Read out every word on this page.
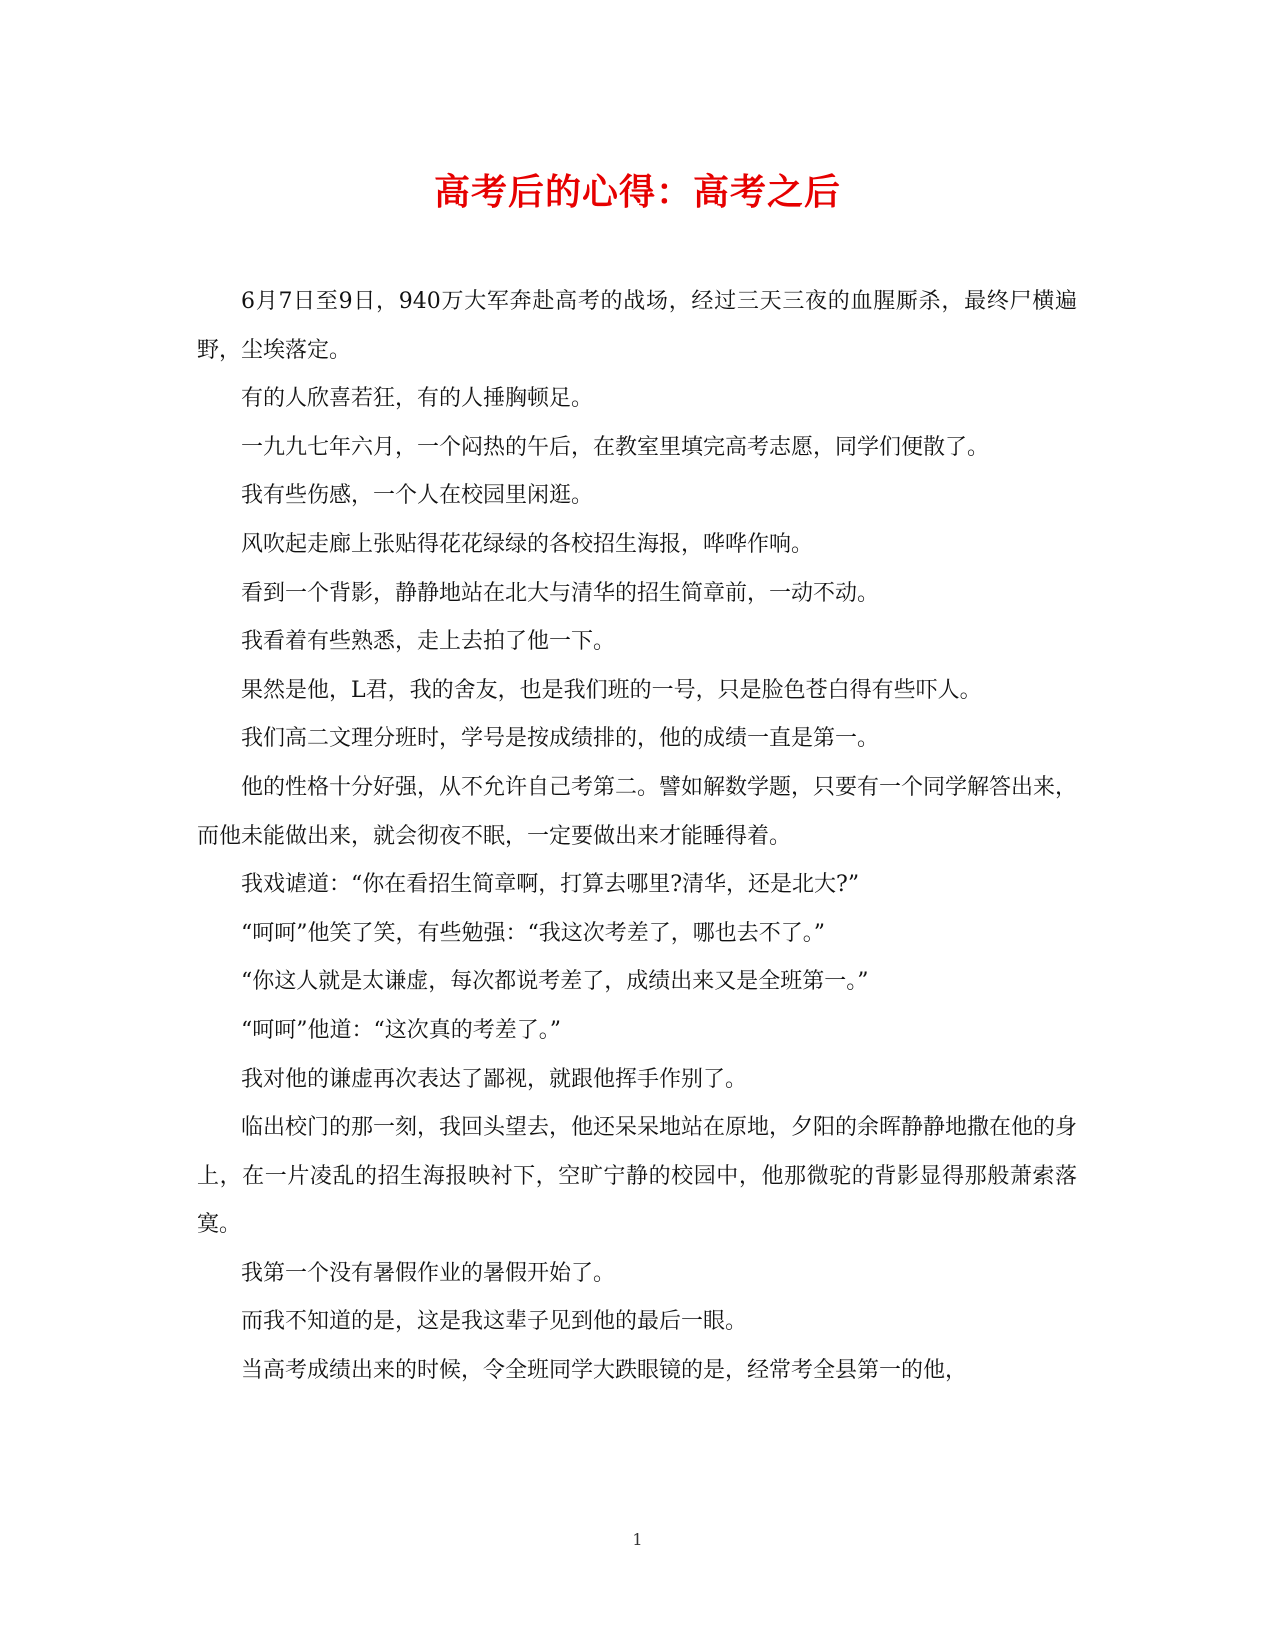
高考后的心得：高考之后

6月7日至9日，940万大军奔赴高考的战场，经过三天三夜的血腥厮杀，最终尸横遍野，尘埃落定。

有的人欣喜若狂，有的人捶胸顿足。

一九九七年六月，一个闷热的午后，在教室里填完高考志愿，同学们便散了。

我有些伤感，一个人在校园里闲逛。

风吹起走廊上张贴得花花绿绿的各校招生海报，哗哗作响。

看到一个背影，静静地站在北大与清华的招生简章前，一动不动。

我看着有些熟悉，走上去拍了他一下。

果然是他，L君，我的舍友，也是我们班的一号，只是脸色苍白得有些吓人。

我们高二文理分班时，学号是按成绩排的，他的成绩一直是第一。

他的性格十分好强，从不允许自己考第二。譬如解数学题，只要有一个同学解答出来，而他未能做出来，就会彻夜不眠，一定要做出来才能睡得着。

我戏谑道：“你在看招生简章啊，打算去哪里?清华，还是北大?”

“呵呵”他笑了笑，有些勉强：“我这次考差了，哪也去不了。”

“你这人就是太谦虚，每次都说考差了，成绩出来又是全班第一。”

“呵呵”他道：“这次真的考差了。”

我对他的谦虚再次表达了鄙视，就跟他挥手作别了。

临出校门的那一刻，我回头望去，他还呆呆地站在原地，夕阳的余晖静静地撒在他的身上，在一片凌乱的招生海报映衬下，空旷宁静的校园中，他那微驼的背影显得那般萧索落寞。

我第一个没有暑假作业的暑假开始了。

而我不知道的是，这是我这辈子见到他的最后一眼。

当高考成绩出来的时候，令全班同学大跌眼镜的是，经常考全县第一的他，

1
